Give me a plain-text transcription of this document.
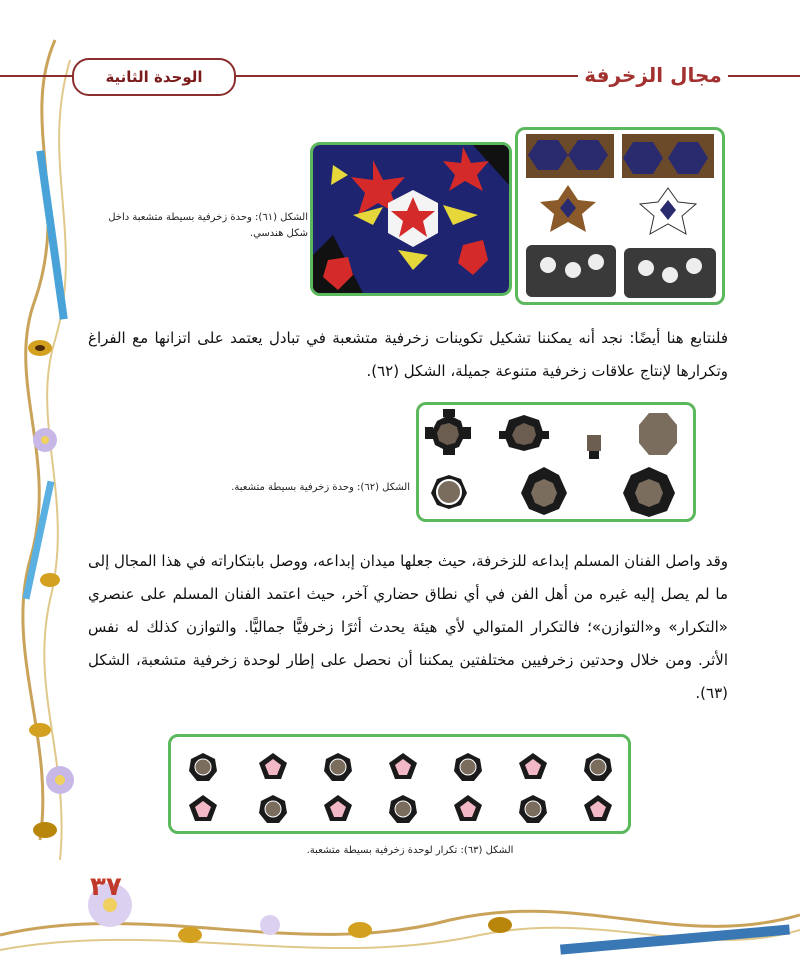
الوحدة الثانية	مجال الزخرفة
الشكل (٦١): وحدة زخرفية بسيطة متشعبة داخل شكل هندسي.
فلنتابع هنا أيضًا: نجد أنه يمكننا تشكيل تكوينات زخرفية متشعبة في تبادل يعتمد على اتزانها مع الفراغ وتكرارها لإنتاج علاقات زخرفية متنوعة جميلة، الشكل (٦٢).
الشكل (٦٢): وحدة زخرفية بسيطة متشعبة.
وقد واصل الفنان المسلم إبداعه للزخرفة، حيث جعلها ميدان إبداعه، ووصل بابتكاراته في هذا المجال إلى ما لم يصل إليه غيره من أهل الفن في أي نطاق حضاري آخر، حيث اعتمد الفنان المسلم على عنصري «التكرار» و«التوازن»؛ فالتكرار المتوالي لأي هيئة يحدث أثرًا زخرفيًّا جماليًّا. والتوازن كذلك له نفس الأثر. ومن خلال وحدتين زخرفيين مختلفتين يمكننا أن نحصل على إطار لوحدة زخرفية متشعبة، الشكل (٦٣).
الشكل (٦٣): تكرار لوحدة زخرفية بسيطة متشعبة.
٣٧
